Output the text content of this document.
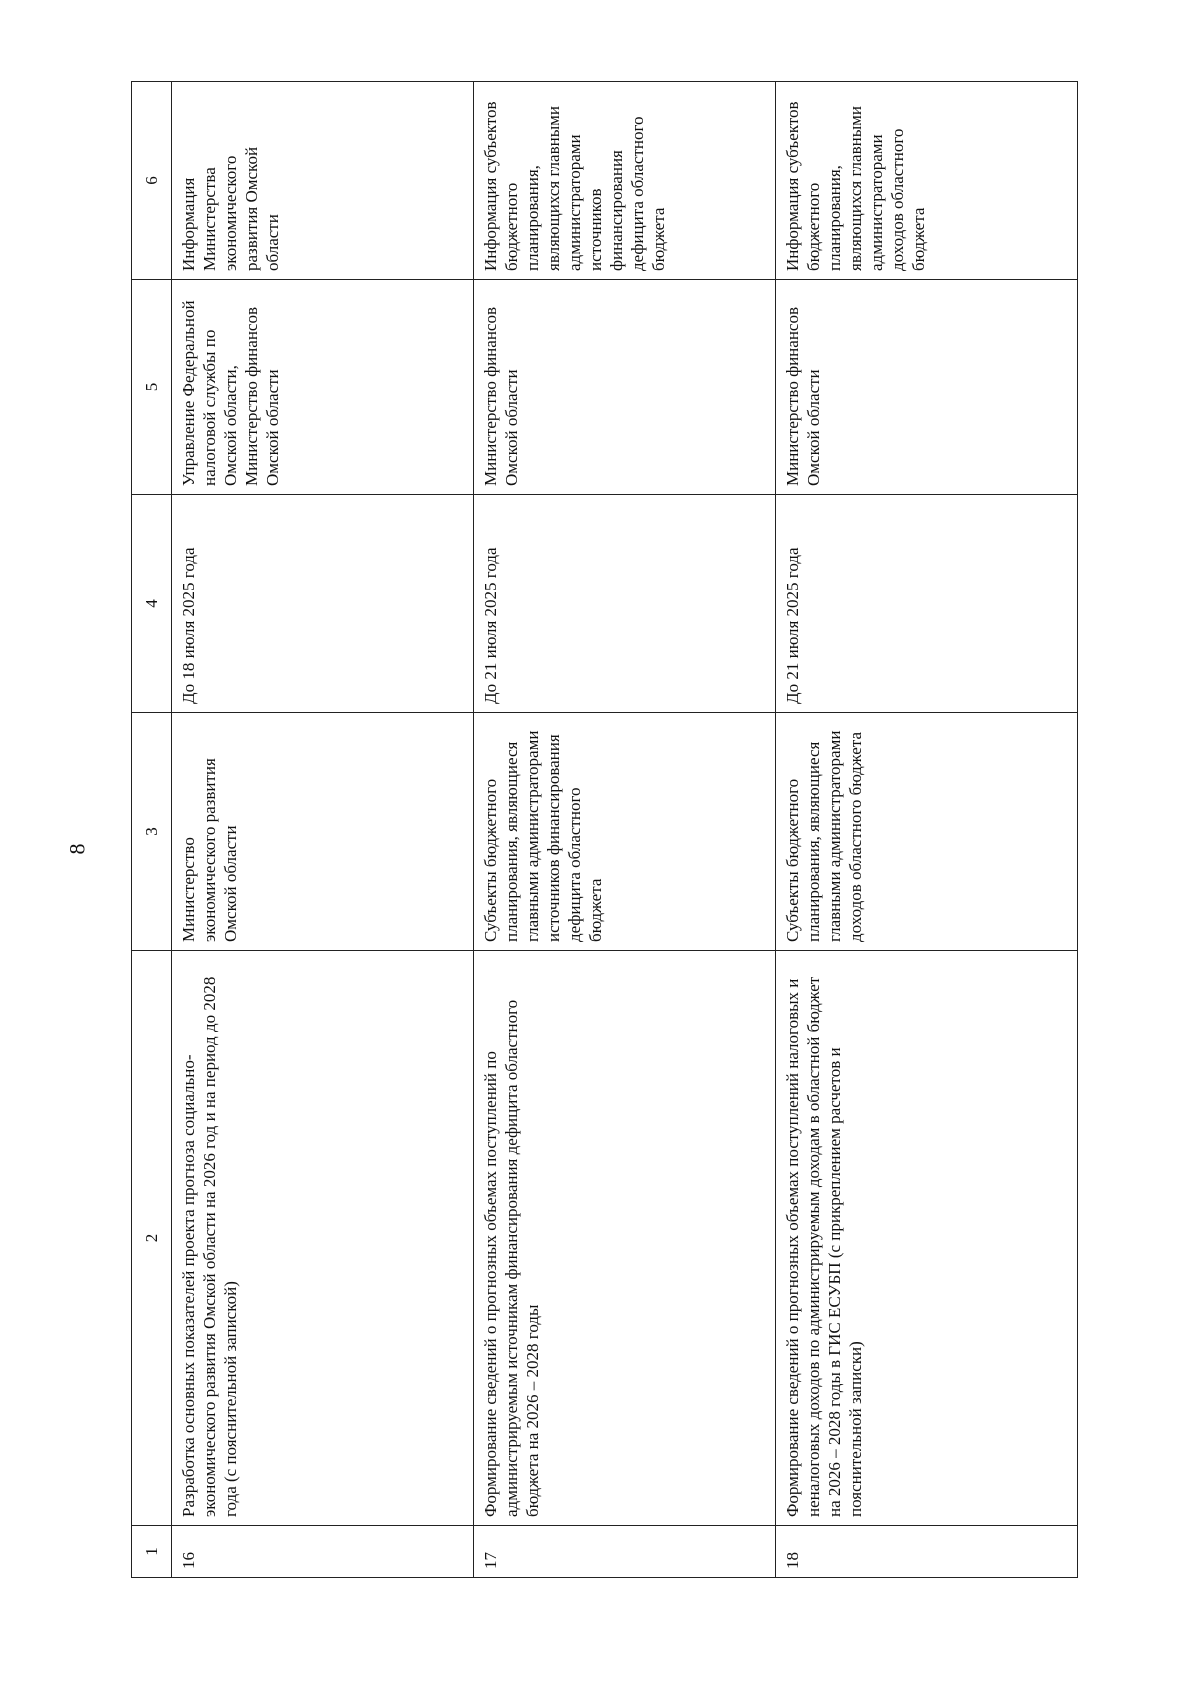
8
1	2	3	4	5	6
16	Разработка основных показателей проекта прогноза социально-экономического развития Омской области на 2026 год и на период до 2028 года (с пояснительной запиской)	Министерство экономического развития Омской области	До 18 июля 2025 года	Управление Федеральной налоговой службы по Омской области, Министерство финансов Омской области	Информация Министерства экономического развития Омской области
17	Формирование сведений о прогнозных объемах поступлений по администрируемым источникам финансирования дефицита областного бюджета на 2026 – 2028 годы	Субъекты бюджетного планирования, являющиеся главными администраторами источников финансирования дефицита областного бюджета	До 21 июля 2025 года	Министерство финансов Омской области	Информация субъектов бюджетного планирования, являющихся главными администраторами источников финансирования дефицита областного бюджета
18	Формирование сведений о прогнозных объемах поступлений налоговых и неналоговых доходов по администрируемым доходам в областной бюджет на 2026 – 2028 годы в ГИС ЕСУБП (с прикреплением расчетов и пояснительной записки)	Субъекты бюджетного планирования, являющиеся главными администраторами доходов областного бюджета	До 21 июля 2025 года	Министерство финансов Омской области	Информация субъектов бюджетного планирования, являющихся главными администраторами доходов областного бюджета
